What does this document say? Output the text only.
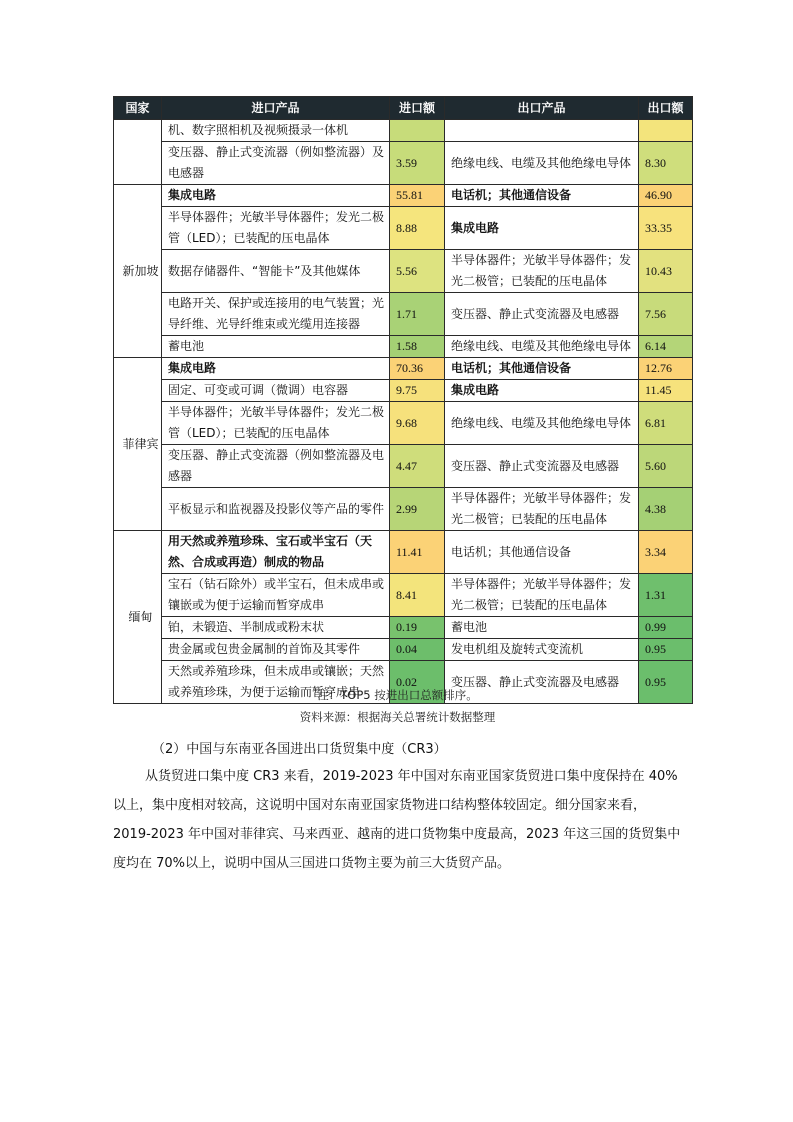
国家	进口产品	进口额	出口产品	出口额
	机、数字照相机及视频摄录一体机			
	变压器、静止式变流器（例如整流器）及电感器	3.59	绝缘电线、电缆及其他绝缘电导体	8.30
新加坡	集成电路	55.81	电话机；其他通信设备	46.90
	半导体器件；光敏半导体器件；发光二极管（LED）；已装配的压电晶体	8.88	集成电路	33.35
	数据存储器件、“智能卡”及其他媒体	5.56	半导体器件；光敏半导体器件；发光二极管；已装配的压电晶体	10.43
	电路开关、保护或连接用的电气装置；光导纤维、光导纤维束或光缆用连接器	1.71	变压器、静止式变流器及电感器	7.56
	蓄电池	1.58	绝缘电线、电缆及其他绝缘电导体	6.14
菲律宾	集成电路	70.36	电话机；其他通信设备	12.76
	固定、可变或可调（微调）电容器	9.75	集成电路	11.45
	半导体器件；光敏半导体器件；发光二极管（LED）；已装配的压电晶体	9.68	绝缘电线、电缆及其他绝缘电导体	6.81
	变压器、静止式变流器（例如整流器及电感器	4.47	变压器、静止式变流器及电感器	5.60
	平板显示和监视器及投影仪等产品的零件	2.99	半导体器件；光敏半导体器件；发光二极管；已装配的压电晶体	4.38
缅甸	用天然或养殖珍珠、宝石或半宝石（天然、合成或再造）制成的物品	11.41	电话机；其他通信设备	3.34
	宝石（钻石除外）或半宝石，但未成串或镶嵌或为便于运输而暂穿成串	8.41	半导体器件；光敏半导体器件；发光二极管；已装配的压电晶体	1.31
	铂，未锻造、半制成或粉末状	0.19	蓄电池	0.99
	贵金属或包贵金属制的首饰及其零件	0.04	发电机组及旋转式变流机	0.95
	天然或养殖珍珠，但未成串或镶嵌；天然或养殖珍珠，为便于运输而暂穿成串	0.02	变压器、静止式变流器及电感器	0.95
注：TOP5 按进出口总额排序。
资料来源：根据海关总署统计数据整理
（2）中国与东南亚各国进出口货贸集中度（CR3）
从货贸进口集中度 CR3 来看，2019-2023 年中国对东南亚国家货贸进口集中度保持在 40%
以上，集中度相对较高，这说明中国对东南亚国家货物进口结构整体较固定。细分国家来看，
2019-2023 年中国对菲律宾、马来西亚、越南的进口货物集中度最高，2023 年这三国的货贸集中
度均在 70%以上，说明中国从三国进口货物主要为前三大货贸产品。
